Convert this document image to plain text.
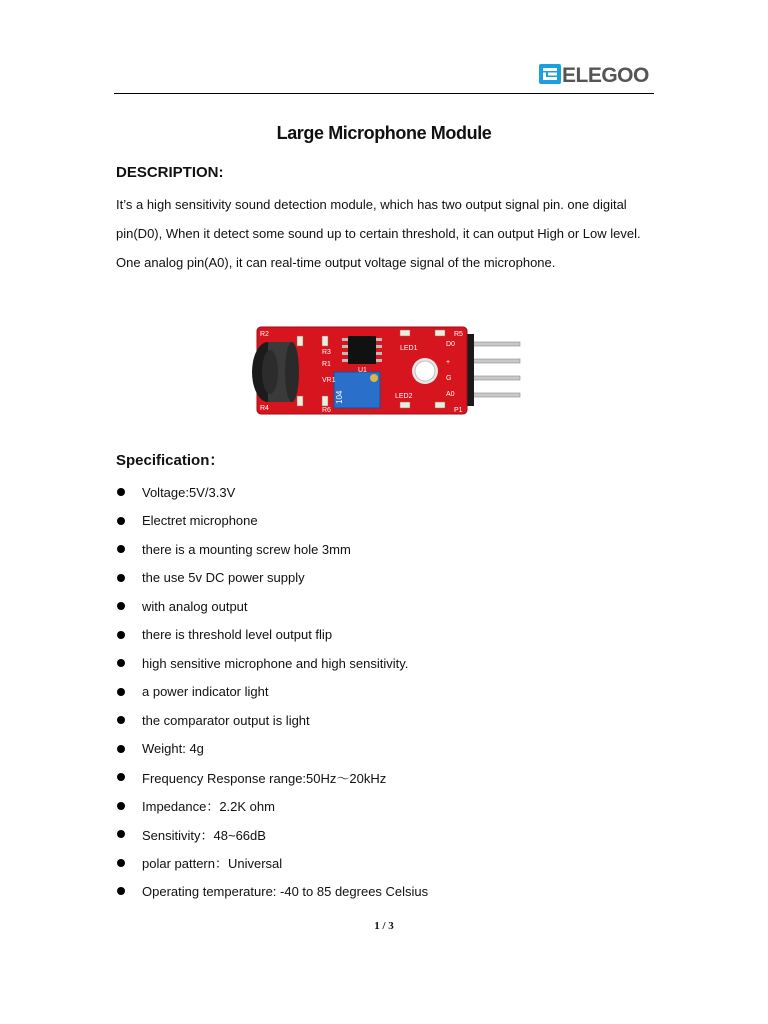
ELEGOO
Large Microphone Module
DESCRIPTION:
It’s a high sensitivity sound detection module, which has two output signal pin. one digital
pin(D0), When it detect some sound up to certain threshold, it can output High or Low level.
One analog pin(A0), it can real-time output voltage signal of the microphone.
104
R2
R3
R1
U1
LED1
VR1
R4	R6
LED2
R5
D0
+
G
A0
P1
Specification：
Voltage:5V/3.3V
Electret microphone
there is a mounting screw hole 3mm
the use 5v DC power supply
with analog output
there is threshold level output flip
high sensitive microphone and high sensitivity.
a power indicator light
the comparator output is light
Weight: 4g
Frequency Response range:50Hz～20kHz
Impedance：2.2K ohm
Sensitivity：48~66dB
polar pattern：Universal
Operating temperature: -40 to 85 degrees Celsius
1 / 3
